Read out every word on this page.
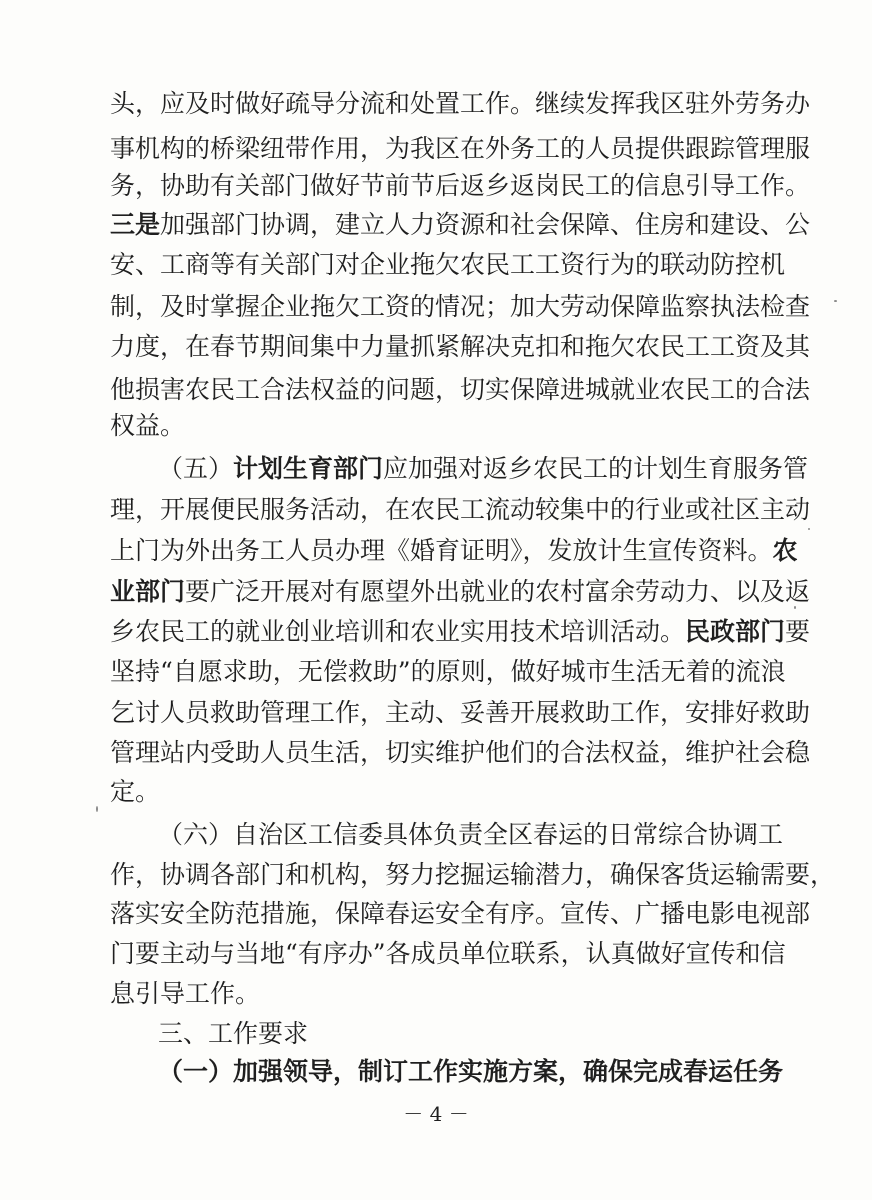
头，应及时做好疏导分流和处置工作。继续发挥我区驻外劳务办
事机构的桥梁纽带作用，为我区在外务工的人员提供跟踪管理服
务，协助有关部门做好节前节后返乡返岗民工的信息引导工作。
三是加强部门协调，建立人力资源和社会保障、住房和建设、公
安、工商等有关部门对企业拖欠农民工工资行为的联动防控机
制，及时掌握企业拖欠工资的情况；加大劳动保障监察执法检查
力度，在春节期间集中力量抓紧解决克扣和拖欠农民工工资及其
他损害农民工合法权益的问题，切实保障进城就业农民工的合法
权益。
（五）计划生育部门应加强对返乡农民工的计划生育服务管
理，开展便民服务活动，在农民工流动较集中的行业或社区主动
上门为外出务工人员办理《婚育证明》，发放计生宣传资料。农
业部门要广泛开展对有愿望外出就业的农村富余劳动力、以及返
乡农民工的就业创业培训和农业实用技术培训活动。民政部门要
坚持“自愿求助，无偿救助”的原则，做好城市生活无着的流浪
乞讨人员救助管理工作，主动、妥善开展救助工作，安排好救助
管理站内受助人员生活，切实维护他们的合法权益，维护社会稳
定。
（六）自治区工信委具体负责全区春运的日常综合协调工
作，协调各部门和机构，努力挖掘运输潜力，确保客货运输需要，
落实安全防范措施，保障春运安全有序。宣传、广播电影电视部
门要主动与当地“有序办”各成员单位联系，认真做好宣传和信
息引导工作。
三、工作要求
（一）加强领导，制订工作实施方案，确保完成春运任务
－ 4 －
